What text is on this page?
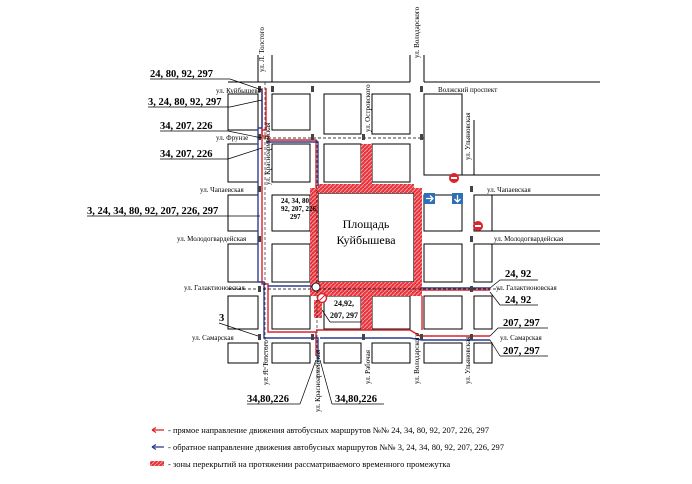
Площадь
Куйбышева
ул. Л. Толстого	ул. Володарского
ул. Островского
ул. Красноармейская	ул. Ульяновская
ул. Л. Толстого	ул. Красноармейская	ул. Рабочая	ул. Володарского	ул. Ульяновская
Волжский проспект
ул. Куйбышева
ул. Фрунзе
ул. Чапаевская	ул. Чапаевская
ул. Молодогвардейская	ул. Молодогвардейская
ул. Галактионовская	ул. Галактионовская
ул. Самарская	ул. Самарская
24, 80, 92, 297
3, 24, 80, 92, 297
34, 207, 226
34, 207, 226
3, 24, 34, 80, 92, 207, 226, 297
24, 34, 80,
92, 207, 226,
297
3
34,80,226	34,80,226
24,92,
207, 297
24, 92
24, 92
207, 297
207, 297
- прямое направление движения автобусных маршрутов №№ 24, 34, 80, 92, 207, 226, 297
- обратное направление движения автобусных маршрутов №№ 3, 24, 34, 80, 92, 207, 226, 297
- зоны перекрытий на протяжении рассматриваемого временного промежутка
